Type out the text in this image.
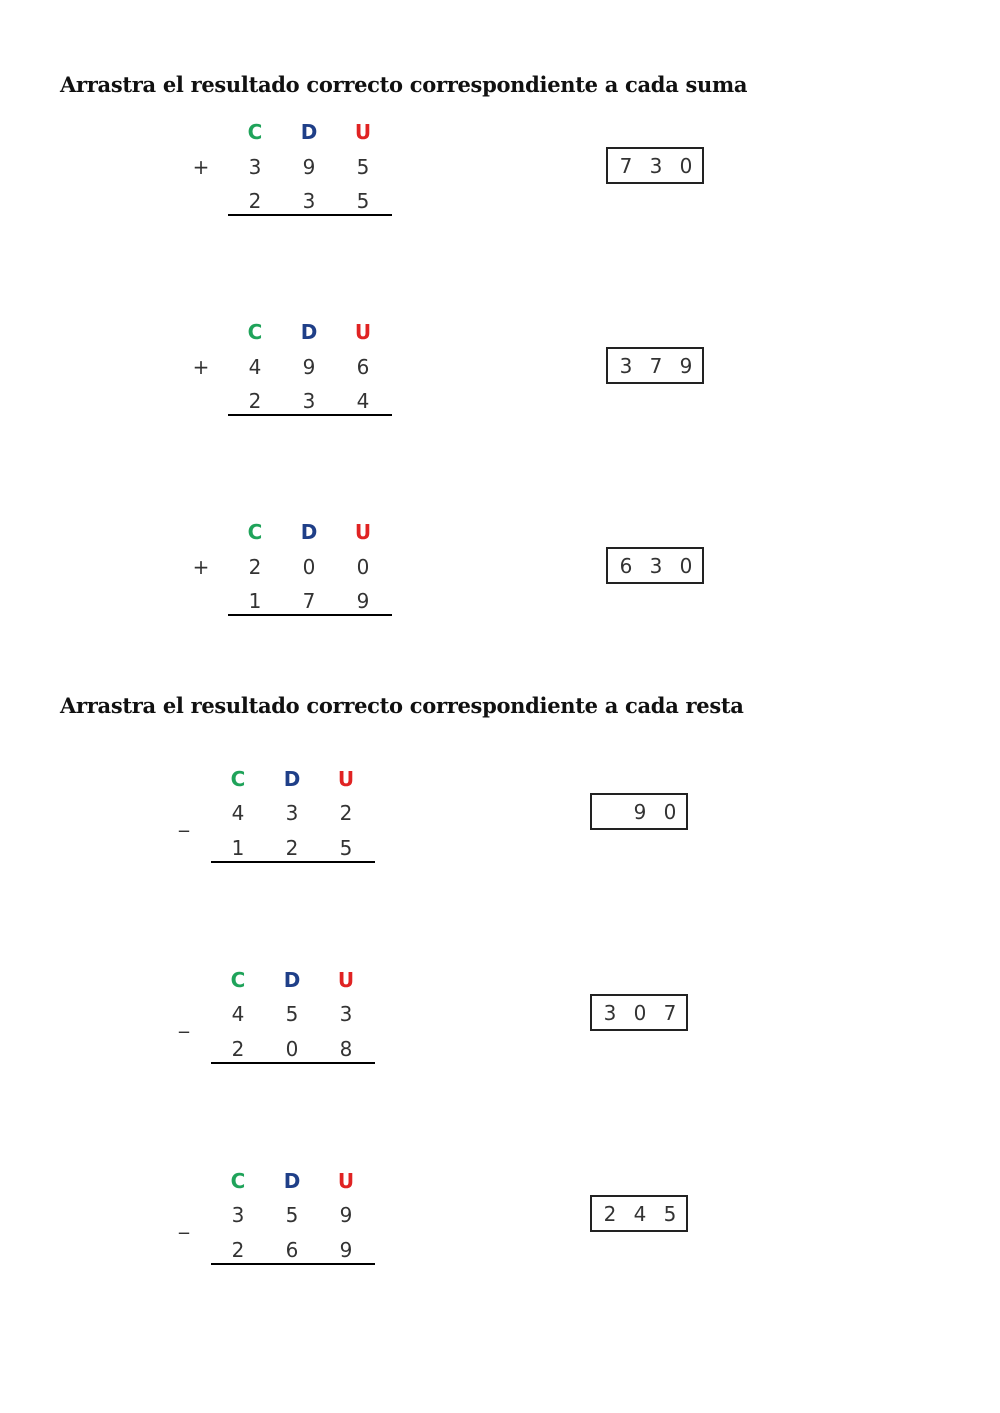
Arrastra el resultado correcto correspondiente a cada suma
C	D	U
+	3	9	5
2	3	5
7 3 0
C	D	U
+	4	9	6
2	3	4
3 7 9
C	D	U
+	2	0	0
1	7	9
6 3 0
Arrastra el resultado correcto correspondiente a cada resta
C	D	U
_	4	3	2
1	2	5
9 0
C	D	U
_	4	5	3
2	0	8
3 0 7
C	D	U
_	3	5	9
2	6	9
2 4 5
